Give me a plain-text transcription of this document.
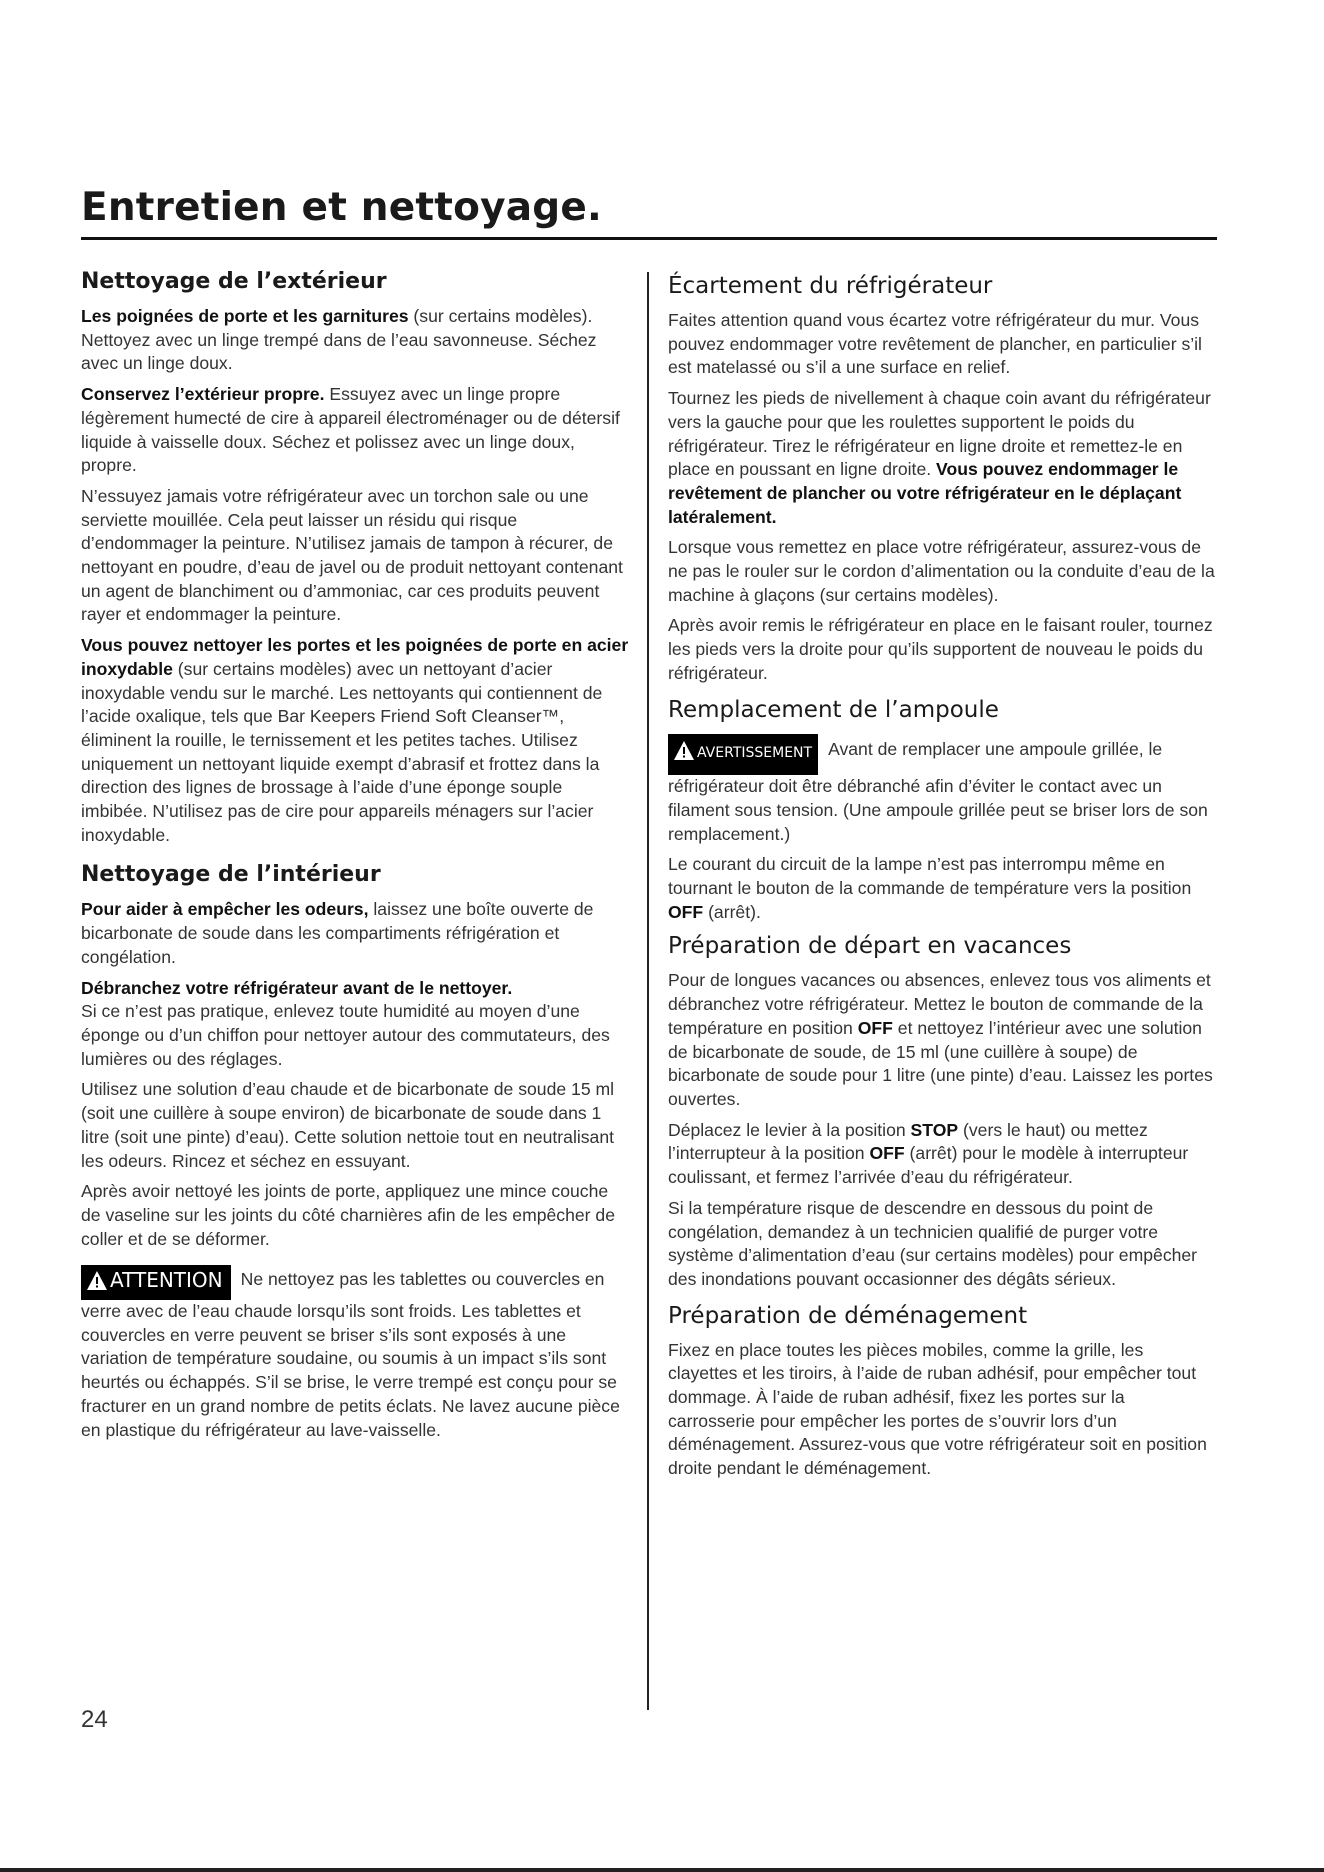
Entretien et nettoyage.
Nettoyage de l’extérieur

Les poignées de porte et les garnitures (sur certains modèles). Nettoyez avec un linge trempé dans de l’eau savonneuse. Séchez avec un linge doux.

Conservez l’extérieur propre. Essuyez avec un linge propre légèrement humecté de cire à appareil électroménager ou de détersif liquide à vaisselle doux. Séchez et polissez avec un linge doux, propre.

N’essuyez jamais votre réfrigérateur avec un torchon sale ou une serviette mouillée. Cela peut laisser un résidu qui risque d’endommager la peinture. N’utilisez jamais de tampon à récurer, de nettoyant en poudre, d’eau de javel ou de produit nettoyant contenant un agent de blanchiment ou d’ammoniac, car ces produits peuvent rayer et endommager la peinture.

Vous pouvez nettoyer les portes et les poignées de porte en acier inoxydable (sur certains modèles) avec un nettoyant d’acier inoxydable vendu sur le marché. Les nettoyants qui contiennent de l’acide oxalique, tels que Bar Keepers Friend Soft Cleanser™, éliminent la rouille, le ternissement et les petites taches. Utilisez uniquement un nettoyant liquide exempt d’abrasif et frottez dans la direction des lignes de brossage à l’aide d’une éponge souple imbibée. N’utilisez pas de cire pour appareils ménagers sur l’acier inoxydable.

Nettoyage de l’intérieur

Pour aider à empêcher les odeurs, laissez une boîte ouverte de bicarbonate de soude dans les compartiments réfrigération et congélation.

Débranchez votre réfrigérateur avant de le nettoyer.
Si ce n’est pas pratique, enlevez toute humidité au moyen d’une éponge ou d’un chiffon pour nettoyer autour des commutateurs, des lumières ou des réglages.

Utilisez une solution d’eau chaude et de bicarbonate de soude 15 ml (soit une cuillère à soupe environ) de bicarbonate de soude dans 1 litre (soit une pinte) d’eau). Cette solution nettoie tout en neutralisant les odeurs. Rincez et séchez en essuyant.

Après avoir nettoyé les joints de porte, appliquez une mince couche de vaseline sur les joints du côté charnières afin de les empêcher de coller et de se déformer.

ATTENTION Ne nettoyez pas les tablettes ou couvercles en verre avec de l’eau chaude lorsqu’ils sont froids. Les tablettes et couvercles en verre peuvent se briser s’ils sont exposés à une variation de température soudaine, ou soumis à un impact s’ils sont heurtés ou échappés. S’il se brise, le verre trempé est conçu pour se fracturer en un grand nombre de petits éclats. Ne lavez aucune pièce en plastique du réfrigérateur au lave-vaisselle.

Écartement du réfrigérateur

Faites attention quand vous écartez votre réfrigérateur du mur. Vous pouvez endommager votre revêtement de plancher, en particulier s’il est matelassé ou s’il a une surface en relief.

Tournez les pieds de nivellement à chaque coin avant du réfrigérateur vers la gauche pour que les roulettes supportent le poids du réfrigérateur. Tirez le réfrigérateur en ligne droite et remettez-le en place en poussant en ligne droite. Vous pouvez endommager le revêtement de plancher ou votre réfrigérateur en le déplaçant latéralement.

Lorsque vous remettez en place votre réfrigérateur, assurez-vous de ne pas le rouler sur le cordon d’alimentation ou la conduite d’eau de la machine à glaçons (sur certains modèles).

Après avoir remis le réfrigérateur en place en le faisant rouler, tournez les pieds vers la droite pour qu’ils supportent de nouveau le poids du réfrigérateur.

Remplacement de l’ampoule

AVERTISSEMENT Avant de remplacer une ampoule grillée, le réfrigérateur doit être débranché afin d’éviter le contact avec un filament sous tension. (Une ampoule grillée peut se briser lors de son remplacement.)

Le courant du circuit de la lampe n’est pas interrompu même en tournant le bouton de la commande de température vers la position OFF (arrêt).

Préparation de départ en vacances

Pour de longues vacances ou absences, enlevez tous vos aliments et débranchez votre réfrigérateur. Mettez le bouton de commande de la température en position OFF et nettoyez l’intérieur avec une solution de bicarbonate de soude, de 15 ml (une cuillère à soupe) de bicarbonate de soude pour 1 litre (une pinte) d’eau. Laissez les portes ouvertes.

Déplacez le levier à la position STOP (vers le haut) ou mettez l’interrupteur à la position OFF (arrêt) pour le modèle à interrupteur coulissant, et fermez l’arrivée d’eau du réfrigérateur.

Si la température risque de descendre en dessous du point de congélation, demandez à un technicien qualifié de purger votre système d’alimentation d’eau (sur certains modèles) pour empêcher des inondations pouvant occasionner des dégâts sérieux.

Préparation de déménagement

Fixez en place toutes les pièces mobiles, comme la grille, les clayettes et les tiroirs, à l’aide de ruban adhésif, pour empêcher tout dommage. À l’aide de ruban adhésif, fixez les portes sur la carrosserie pour empêcher les portes de s’ouvrir lors d’un déménagement. Assurez-vous que votre réfrigérateur soit en position droite pendant le déménagement.

24
